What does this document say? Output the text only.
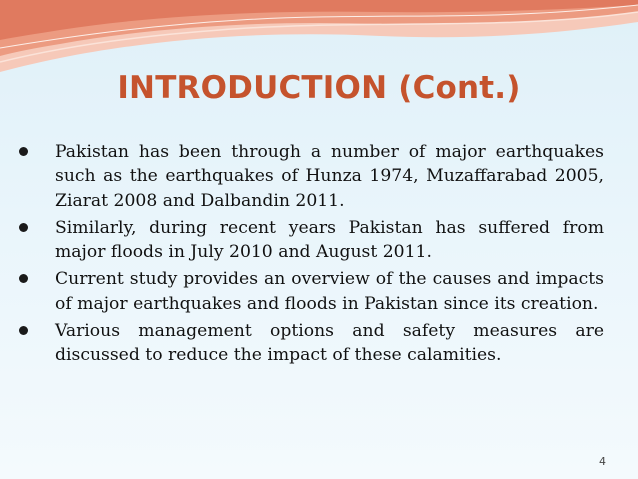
INTRODUCTION (Cont.)
Pakistan has been through a number of major earthquakes such as the earthquakes of Hunza 1974, Muzaffarabad 2005, Ziarat 2008 and Dalbandin 2011.
Similarly, during recent years Pakistan has suffered from major floods in July 2010 and August 2011.
Current study provides an overview of the causes and impacts of major earthquakes and floods in Pakistan since its creation.
Various management options and safety measures are discussed to reduce the impact of these calamities.
4
